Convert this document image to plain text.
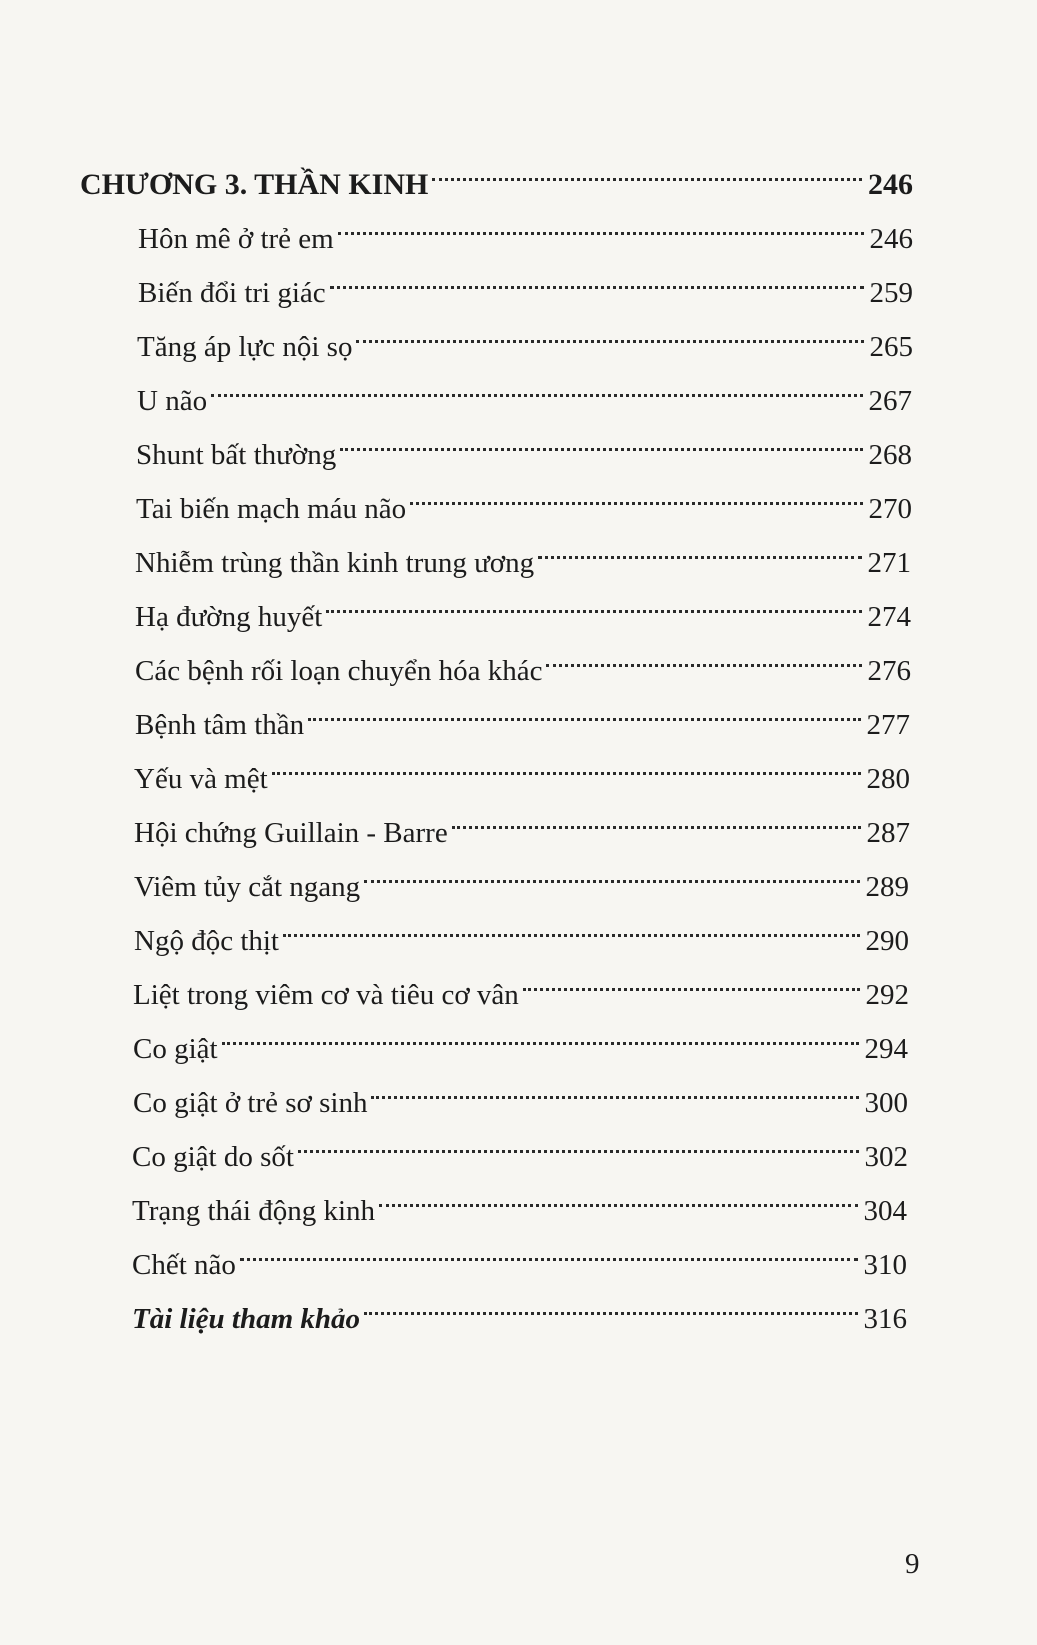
CHƯƠNG 3. THẦN KINH	246
Hôn mê ở trẻ em	246
Biến đổi tri giác	259
Tăng áp lực nội sọ	265
U não	267
Shunt bất thường	268
Tai biến mạch máu não	270
Nhiễm trùng thần kinh trung ương	271
Hạ đường huyết	274
Các bệnh rối loạn chuyển hóa khác	276
Bệnh tâm thần	277
Yếu và mệt	280
Hội chứng Guillain - Barre	287
Viêm tủy cắt ngang	289
Ngộ độc thịt	290
Liệt trong viêm cơ và tiêu cơ vân	292
Co giật	294
Co giật ở trẻ sơ sinh	300
Co giật do sốt	302
Trạng thái động kinh	304
Chết não	310
Tài liệu tham khảo	316
9
